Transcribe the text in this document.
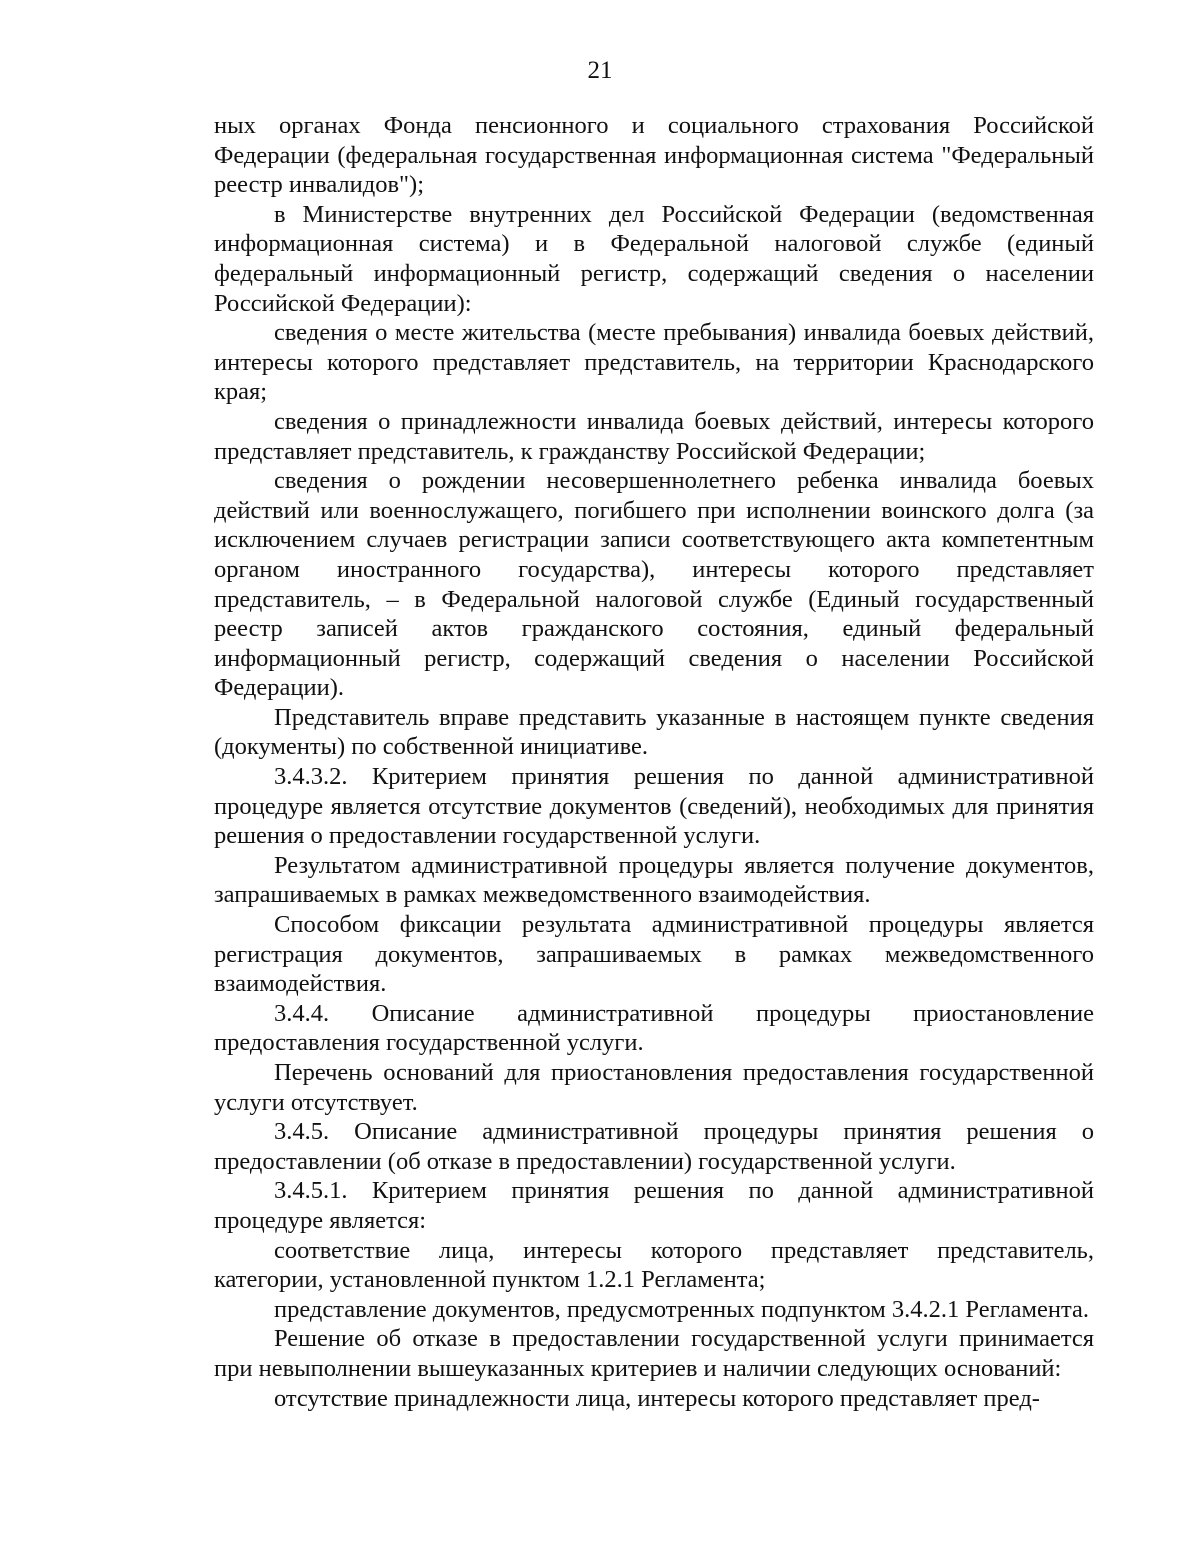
21

ных органах Фонда пенсионного и социального страхования Российской Федерации (федеральная государственная информационная система "Федеральный реестр инвалидов");

в Министерстве внутренних дел Российской Федерации (ведомственная информационная система) и в Федеральной налоговой службе (единый федеральный информационный регистр, содержащий сведения о населении Российской Федерации):

сведения о месте жительства (месте пребывания) инвалида боевых действий, интересы которого представляет представитель, на территории Краснодарского края;

сведения о принадлежности инвалида боевых действий, интересы которого представляет представитель, к гражданству Российской Федерации;

сведения о рождении несовершеннолетнего ребенка инвалида боевых действий или военнослужащего, погибшего при исполнении воинского долга (за исключением случаев регистрации записи соответствующего акта компетентным органом иностранного государства), интересы которого представляет представитель, – в Федеральной налоговой службе (Единый государственный реестр записей актов гражданского состояния, единый федеральный информационный регистр, содержащий сведения о населении Российской Федерации).

Представитель вправе представить указанные в настоящем пункте сведения (документы) по собственной инициативе.

3.4.3.2. Критерием принятия решения по данной административной процедуре является отсутствие документов (сведений), необходимых для принятия решения о предоставлении государственной услуги.

Результатом административной процедуры является получение документов, запрашиваемых в рамках межведомственного взаимодействия.

Способом фиксации результата административной процедуры является регистрация документов, запрашиваемых в рамках межведомственного взаимодействия.

3.4.4. Описание административной процедуры приостановление предоставления государственной услуги.

Перечень оснований для приостановления предоставления государственной услуги отсутствует.

3.4.5. Описание административной процедуры принятия решения о предоставлении (об отказе в предоставлении) государственной услуги.

3.4.5.1. Критерием принятия решения по данной административной процедуре является:

соответствие лица, интересы которого представляет представитель, категории, установленной пунктом 1.2.1 Регламента;

представление документов, предусмотренных подпунктом 3.4.2.1 Регламента.

Решение об отказе в предоставлении государственной услуги принимается при невыполнении вышеуказанных критериев и наличии следующих оснований:

отсутствие принадлежности лица, интересы которого представляет пред-
